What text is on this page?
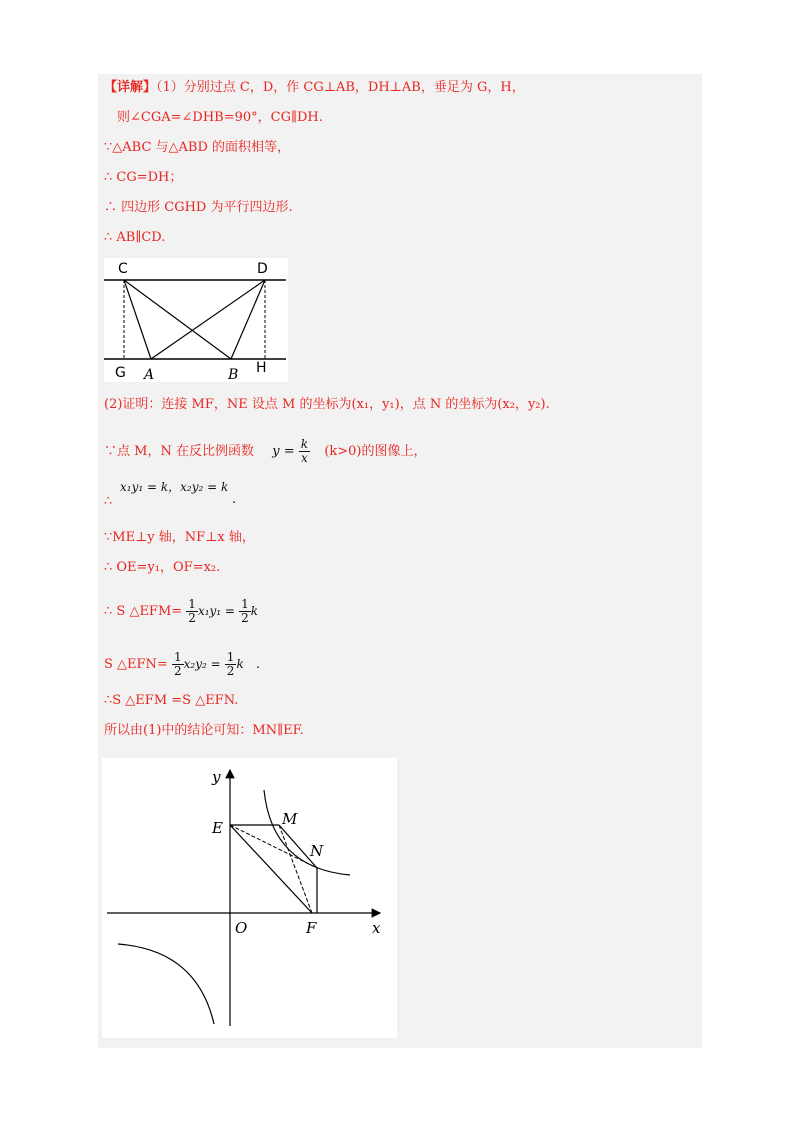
【详解】（1）分别过点 C，D，作 CG⊥AB，DH⊥AB，垂足为 G，H，
则∠CGA=∠DHB=90°，CG∥DH.
∵△ABC 与△ABD 的面积相等，
∴ CG=DH；
∴ 四边形 CGHD 为平行四边形.
∴ AB∥CD.
C	D
G A	B H
(2)证明：连接 MF，NE 设点 M 的坐标为(x₁，y₁)，点 N 的坐标为(x₂，y₂).
∵点 M，N 在反比例函数 $y = \frac{k}{x} (k>0)$的图像上，
∴
x₁y₁ = k，x₂y₂ = k
.
∵ME⊥y 轴，NF⊥x 轴，
∴ OE=y₁，OF=x₂.
∴ S △EFM= $\frac{1}{2} x_1y_1 = \frac{1}{2}$ k
S △EFN= $\frac{1}{2} x_2y_2 = \frac{1}{2}$ k .
∴S △EFM =S △EFN.
所以由(1)中的结论可知：MN∥EF.
y
x
E	M
N
O	F
